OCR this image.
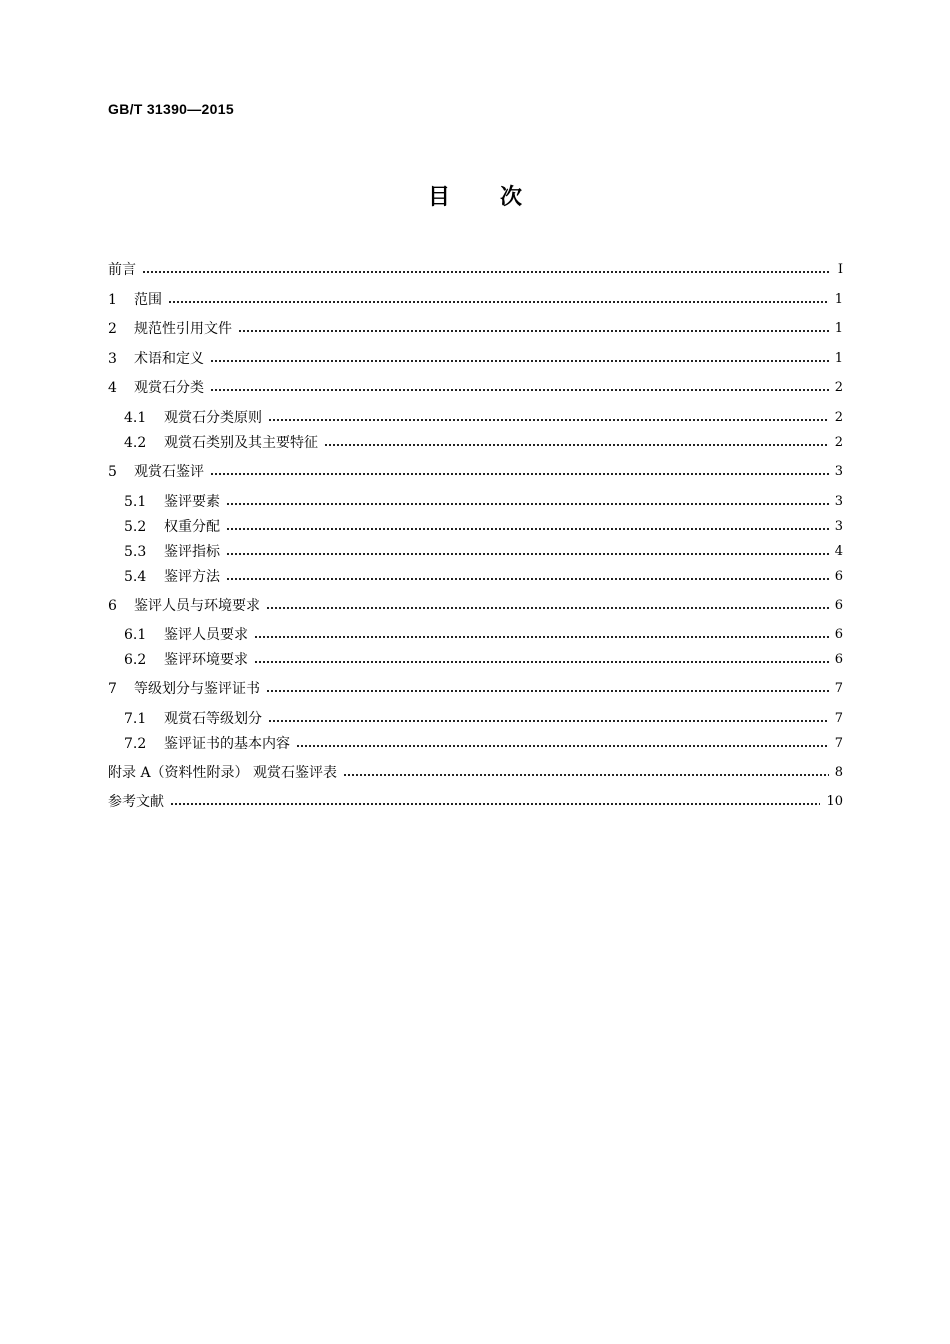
GB/T 31390—2015
目次
前言	Ⅰ
1	范围	1
2	规范性引用文件	1
3	术语和定义	1
4	观赏石分类	2
4.1	观赏石分类原则	2
4.2	观赏石类别及其主要特征	2
5	观赏石鉴评	3
5.1	鉴评要素	3
5.2	权重分配	3
5.3	鉴评指标	4
5.4	鉴评方法	6
6	鉴评人员与环境要求	6
6.1	鉴评人员要求	6
6.2	鉴评环境要求	6
7	等级划分与鉴评证书	7
7.1	观赏石等级划分	7
7.2	鉴评证书的基本内容	7
附录 A（资料性附录） 观赏石鉴评表	8
参考文献	10
